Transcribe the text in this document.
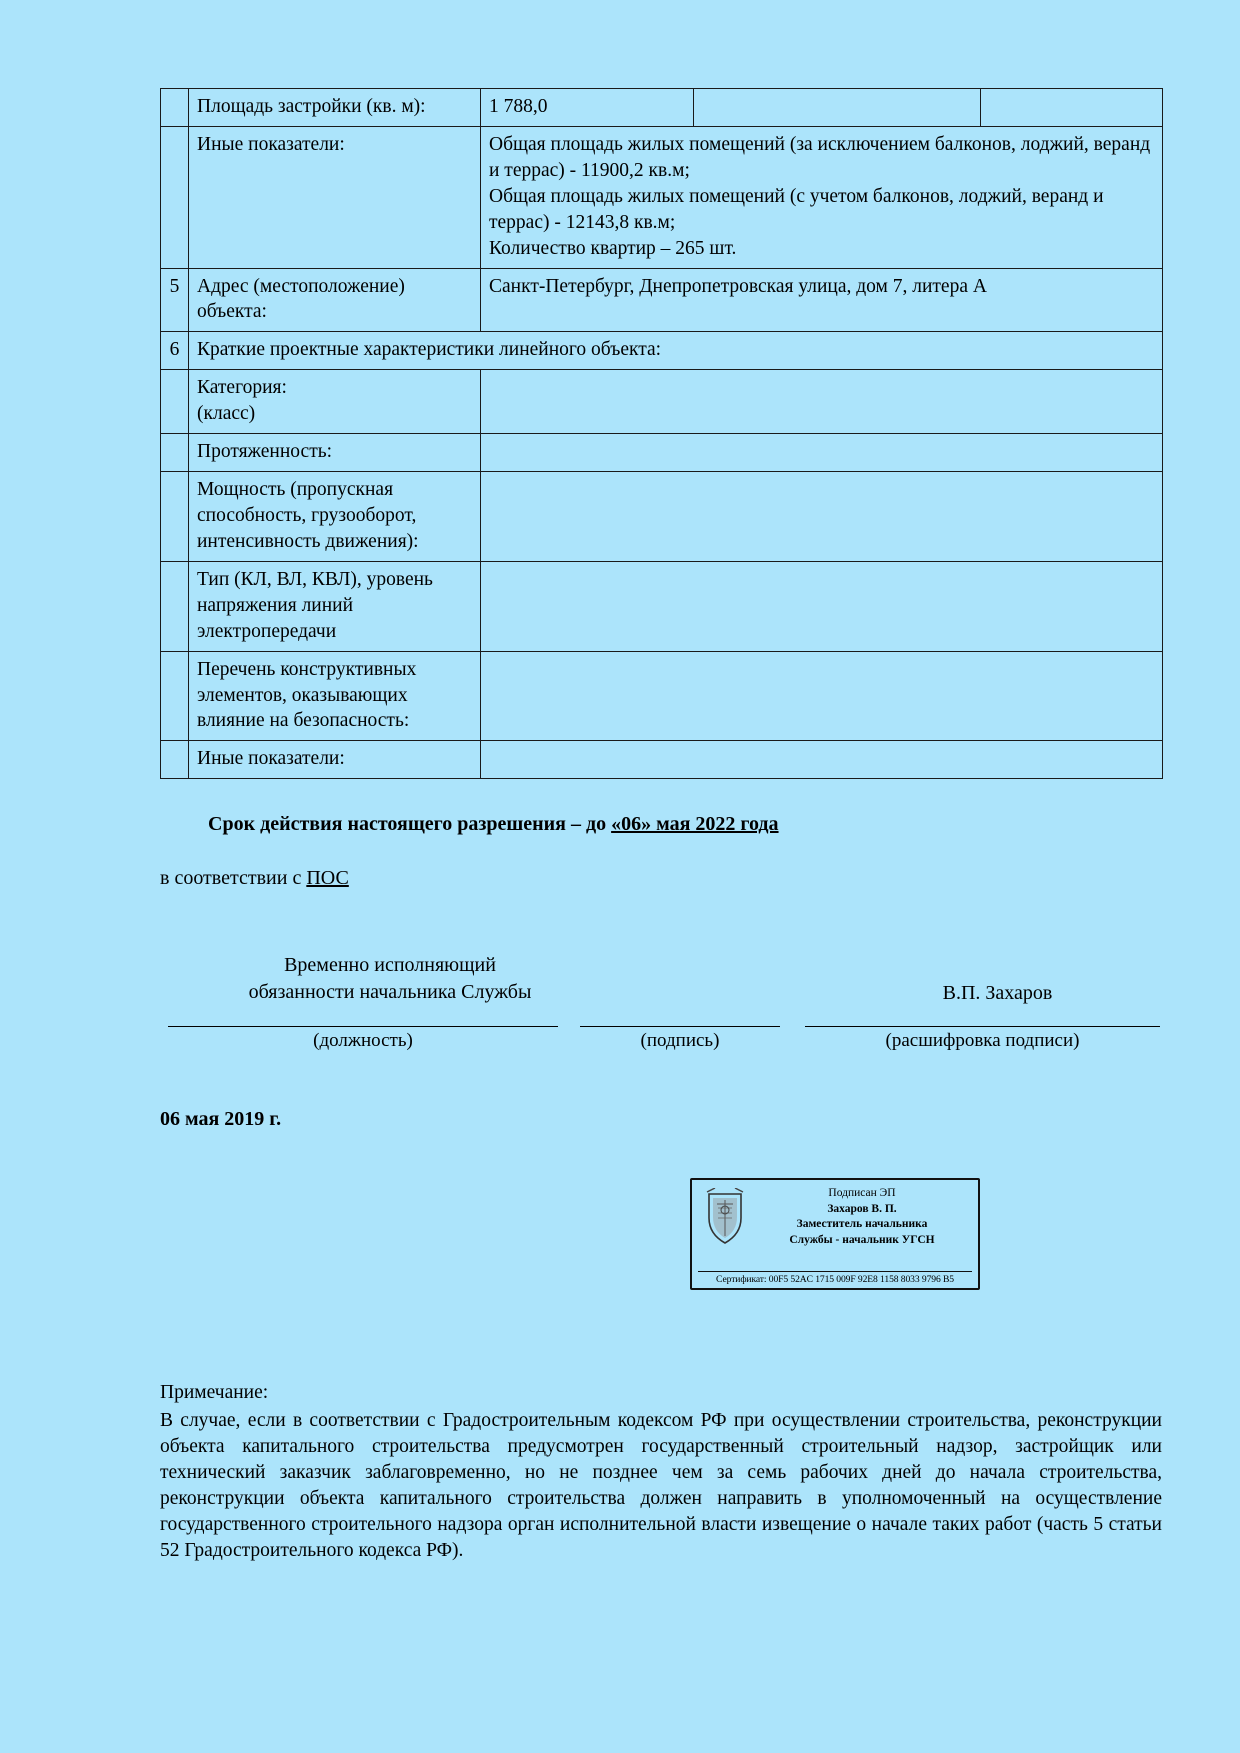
	Площадь застройки (кв. м):	1 788,0		
	Иные показатели:	Общая площадь жилых помещений (за исключением балконов, лоджий, веранд и террас) - 11900,2 кв.м;
Общая площадь жилых помещений (с учетом балконов, лоджий, веранд и террас) - 12143,8 кв.м;
Количество квартир – 265 шт.		

5	Адрес (местоположение) объекта:	Санкт-Петербург, Днепропетровская улица, дом 7, литера А		
6	Краткие проектные характеристики линейного объекта:			

	Категория:
(класс)			

	Протяженность:			

	Мощность (пропускная
способность, грузооборот,
интенсивность движения):			

	Тип (КЛ, ВЛ, КВЛ), уровень
напряжения линий
электропередачи			

	Перечень конструктивных
элементов, оказывающих
влияние на безопасность:			

	Иные показатели:			
Срок действия настоящего разрешения – до «06» мая 2022 года
в соответствии с ПОС
Временно исполняющий
обязанности начальника Службы	В.П. Захаров
(должность)	(подпись)	(расшифровка подписи)
06 мая 2019 г.
Подписан ЭП
Захаров В. П.
Заместитель начальника
Службы - начальник УГСН
Сертификат: 00F5 52AC 1715 009F 92E8 1158 8033 9796 B5

Примечание:

В случае, если в соответствии с Градостроительным кодексом РФ при осуществлении строительства, реконструкции объекта капитального строительства предусмотрен государственный строительный надзор, застройщик или технический заказчик заблаговременно, но не позднее чем за семь рабочих дней до начала строительства, реконструкции объекта капитального строительства должен направить в уполномоченный на осуществление государственного строительного надзора орган исполнительной власти извещение о начале таких работ (часть 5 статьи 52 Градостроительного кодекса РФ).
